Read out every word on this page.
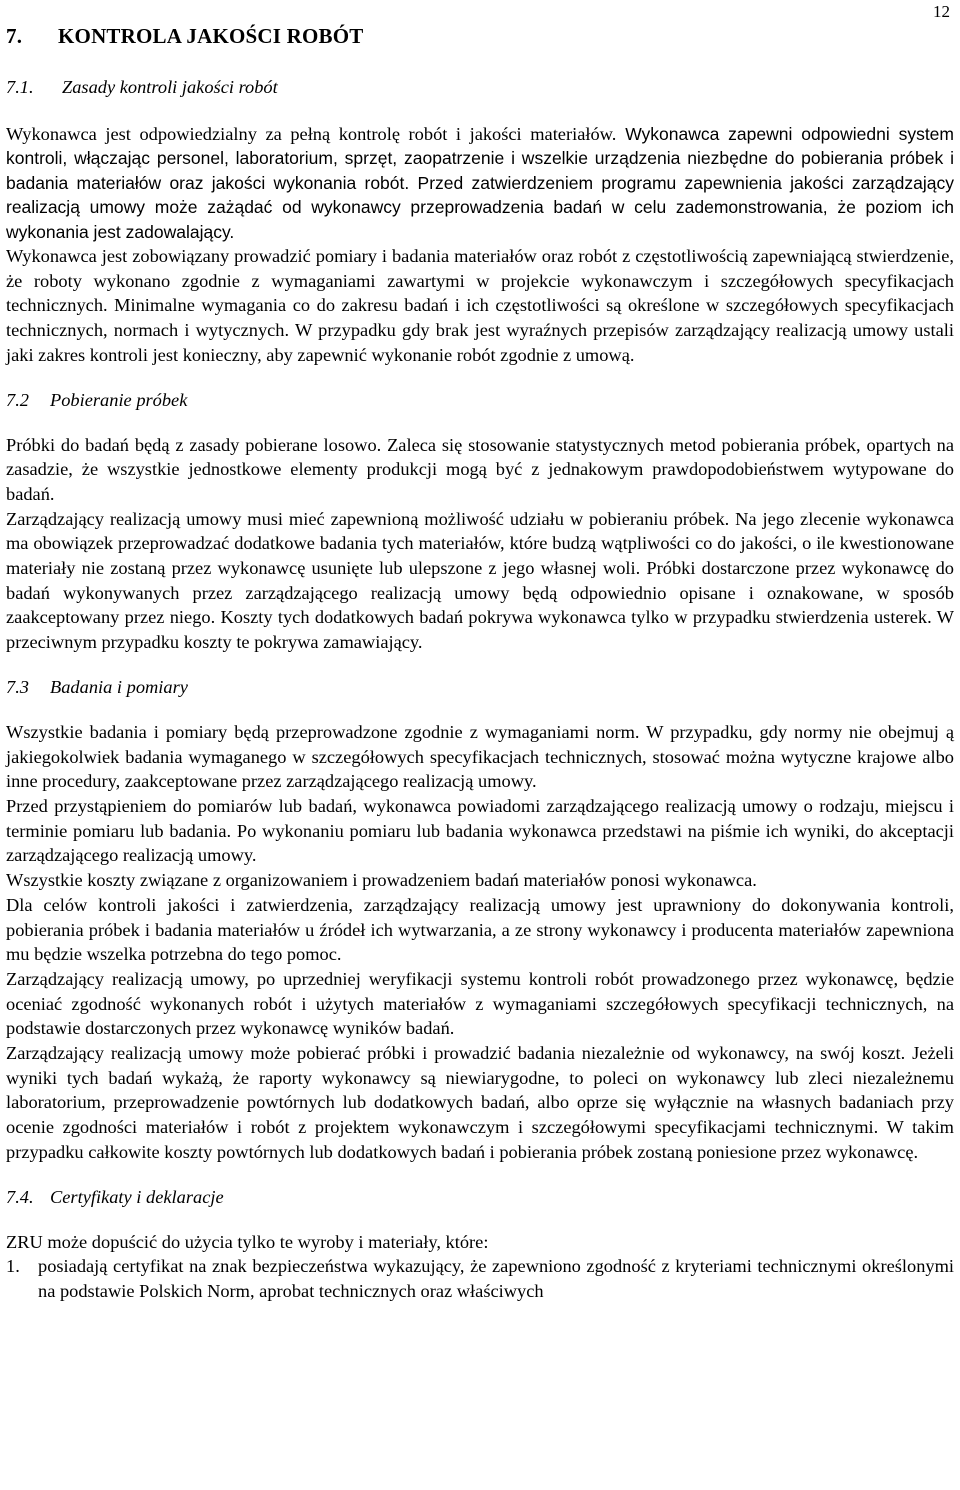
12
7. KONTROLA JAKOŚCI ROBÓT
7.1. Zasady kontroli jakości robót

Wykonawca jest odpowiedzialny za pełną kontrolę robót i jakości materiałów. Wykonawca zapewni odpowiedni system kontroli, włączając personel, laboratorium, sprzęt, zaopatrzenie i wszelkie urządzenia niezbędne do pobierania próbek i badania materiałów oraz jakości wykonania robót. Przed zatwierdzeniem programu zapewnienia jakości zarządzający realizacją umowy może zażądać od wykonawcy przeprowadzenia badań w celu zademonstrowania, że poziom ich wykonania jest zadowalający.

Wykonawca jest zobowiązany prowadzić pomiary i badania materiałów oraz robót z częstotliwością zapewniającą stwierdzenie, że roboty wykonano zgodnie z wymaganiami zawartymi w projekcie wykonawczym i szczegółowych specyfikacjach technicznych. Minimalne wymagania co do zakresu badań i ich częstotliwości są określone w szczegółowych specyfikacjach technicznych, normach i wytycznych. W przypadku gdy brak jest wyraźnych przepisów zarządzający realizacją umowy ustali jaki zakres kontroli jest konieczny, aby zapewnić wykonanie robót zgodnie z umową.

7.2 Pobieranie próbek

Próbki do badań będą z zasady pobierane losowo. Zaleca się stosowanie statystycznych metod pobierania próbek, opartych na zasadzie, że wszystkie jednostkowe elementy produkcji mogą być z jednakowym prawdopodobieństwem wytypowane do badań.

Zarządzający realizacją umowy musi mieć zapewnioną możliwość udziału w pobieraniu próbek. Na jego zlecenie wykonawca ma obowiązek przeprowadzać dodatkowe badania tych materiałów, które budzą wątpliwości co do jakości, o ile kwestionowane materiały nie zostaną przez wykonawcę usunięte lub ulepszone z jego własnej woli. Próbki dostarczone przez wykonawcę do badań wykonywanych przez zarządzającego realizacją umowy będą odpowiednio opisane i oznakowane, w sposób zaakceptowany przez niego. Koszty tych dodatkowych badań pokrywa wykonawca tylko w przypadku stwierdzenia usterek. W przeciwnym przypadku koszty te pokrywa zamawiający.

7.3 Badania i pomiary

Wszystkie badania i pomiary będą przeprowadzone zgodnie z wymaganiami norm. W przypadku, gdy normy nie obejmuj ą jakiegokolwiek badania wymaganego w szczegółowych specyfikacjach technicznych, stosować można wytyczne krajowe albo inne procedury, zaakceptowane przez zarządzającego realizacją umowy.

Przed przystąpieniem do pomiarów lub badań, wykonawca powiadomi zarządzającego realizacją umowy o rodzaju, miejscu i terminie pomiaru lub badania. Po wykonaniu pomiaru lub badania wykonawca przedstawi na piśmie ich wyniki, do akceptacji zarządzającego realizacją umowy.

Wszystkie koszty związane z organizowaniem i prowadzeniem badań materiałów ponosi wykonawca.

Dla celów kontroli jakości i zatwierdzenia, zarządzający realizacją umowy jest uprawniony do dokonywania kontroli, pobierania próbek i badania materiałów u źródeł ich wytwarzania, a ze strony wykonawcy i producenta materiałów zapewniona mu będzie wszelka potrzebna do tego pomoc.

Zarządzający realizacją umowy, po uprzedniej weryfikacji systemu kontroli robót prowadzonego przez wykonawcę, będzie oceniać zgodność wykonanych robót i użytych materiałów z wymaganiami szczegółowych specyfikacji technicznych, na podstawie dostarczonych przez wykonawcę wyników badań.

Zarządzający realizacją umowy może pobierać próbki i prowadzić badania niezależnie od wykonawcy, na swój koszt. Jeżeli wyniki tych badań wykażą, że raporty wykonawcy są niewiarygodne, to poleci on wykonawcy lub zleci niezależnemu laboratorium, przeprowadzenie powtórnych lub dodatkowych badań, albo oprze się wyłącznie na własnych badaniach przy ocenie zgodności materiałów i robót z projektem wykonawczym i szczegółowymi specyfikacjami technicznymi. W takim przypadku całkowite koszty powtórnych lub dodatkowych badań i pobierania próbek zostaną poniesione przez wykonawcę.

7.4. Certyfikaty i deklaracje

ZRU może dopuścić do użycia tylko te wyroby i materiały, które:

1. posiadają certyfikat na znak bezpieczeństwa wykazujący, że zapewniono zgodność z kryteriami technicznymi określonymi na podstawie Polskich Norm, aprobat technicznych oraz właściwych
